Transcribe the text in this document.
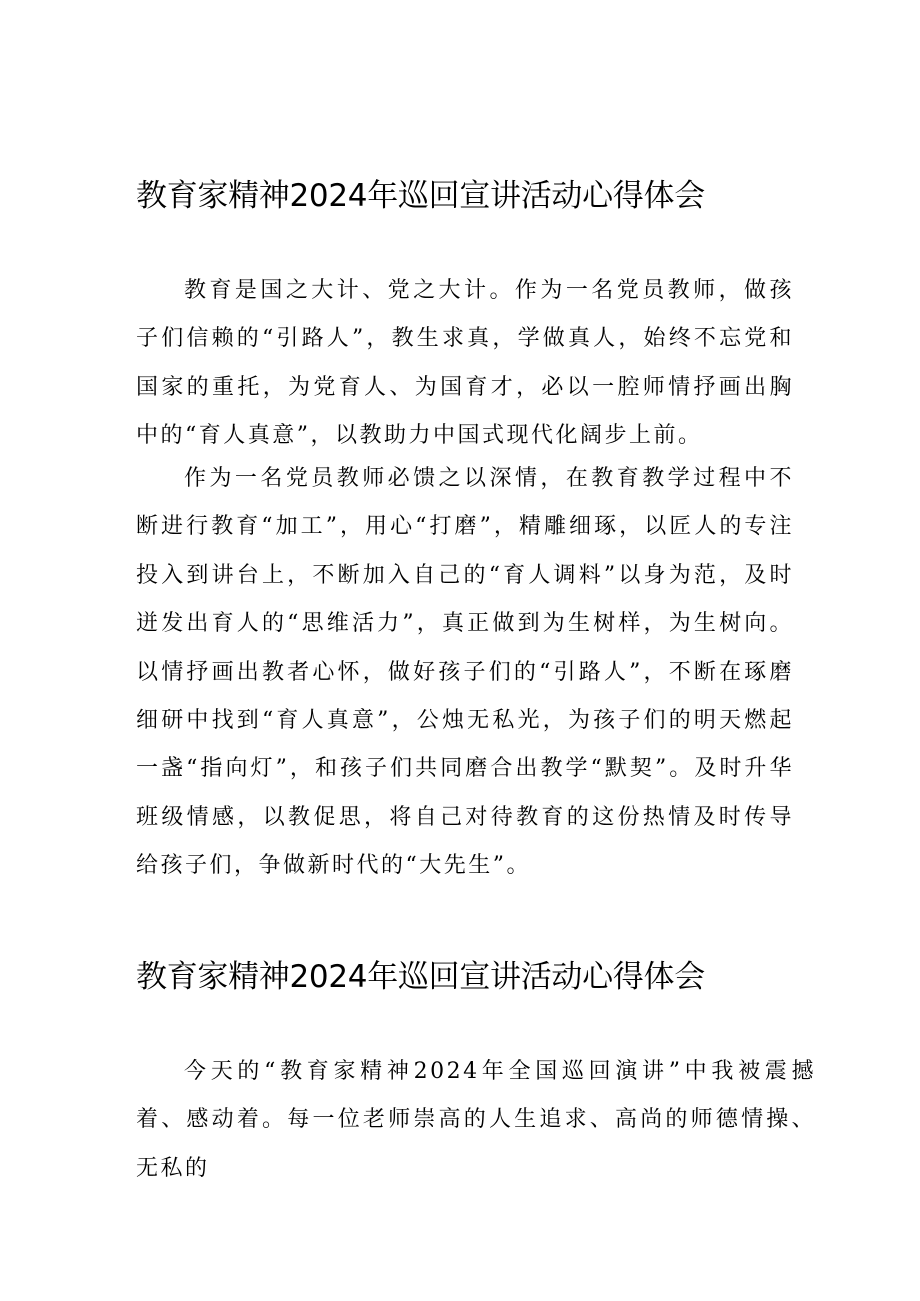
教育家精神2024年巡回宣讲活动心得体会

教育是国之大计、党之大计。作为一名党员教师，做孩子们信赖的“引路人”，教生求真，学做真人，始终不忘党和国家的重托，为党育人、为国育才，必以一腔师情抒画出胸中的“育人真意”，以教助力中国式现代化阔步上前。

作为一名党员教师必馈之以深情，在教育教学过程中不断进行教育“加工”，用心“打磨”，精雕细琢，以匠人的专注投入到讲台上，不断加入自己的“育人调料”以身为范，及时迸发出育人的“思维活力”，真正做到为生树样，为生树向。以情抒画出教者心怀，做好孩子们的“引路人”，不断在琢磨细研中找到“育人真意”，公烛无私光，为孩子们的明天燃起一盏“指向灯”，和孩子们共同磨合出教学“默契”。及时升华班级情感，以教促思，将自己对待教育的这份热情及时传导给孩子们，争做新时代的“大先生”。

教育家精神2024年巡回宣讲活动心得体会

今天的“教育家精神2024年全国巡回演讲”中我被震撼着、感动着。每一位老师崇高的人生追求、高尚的师德情操、无私的
